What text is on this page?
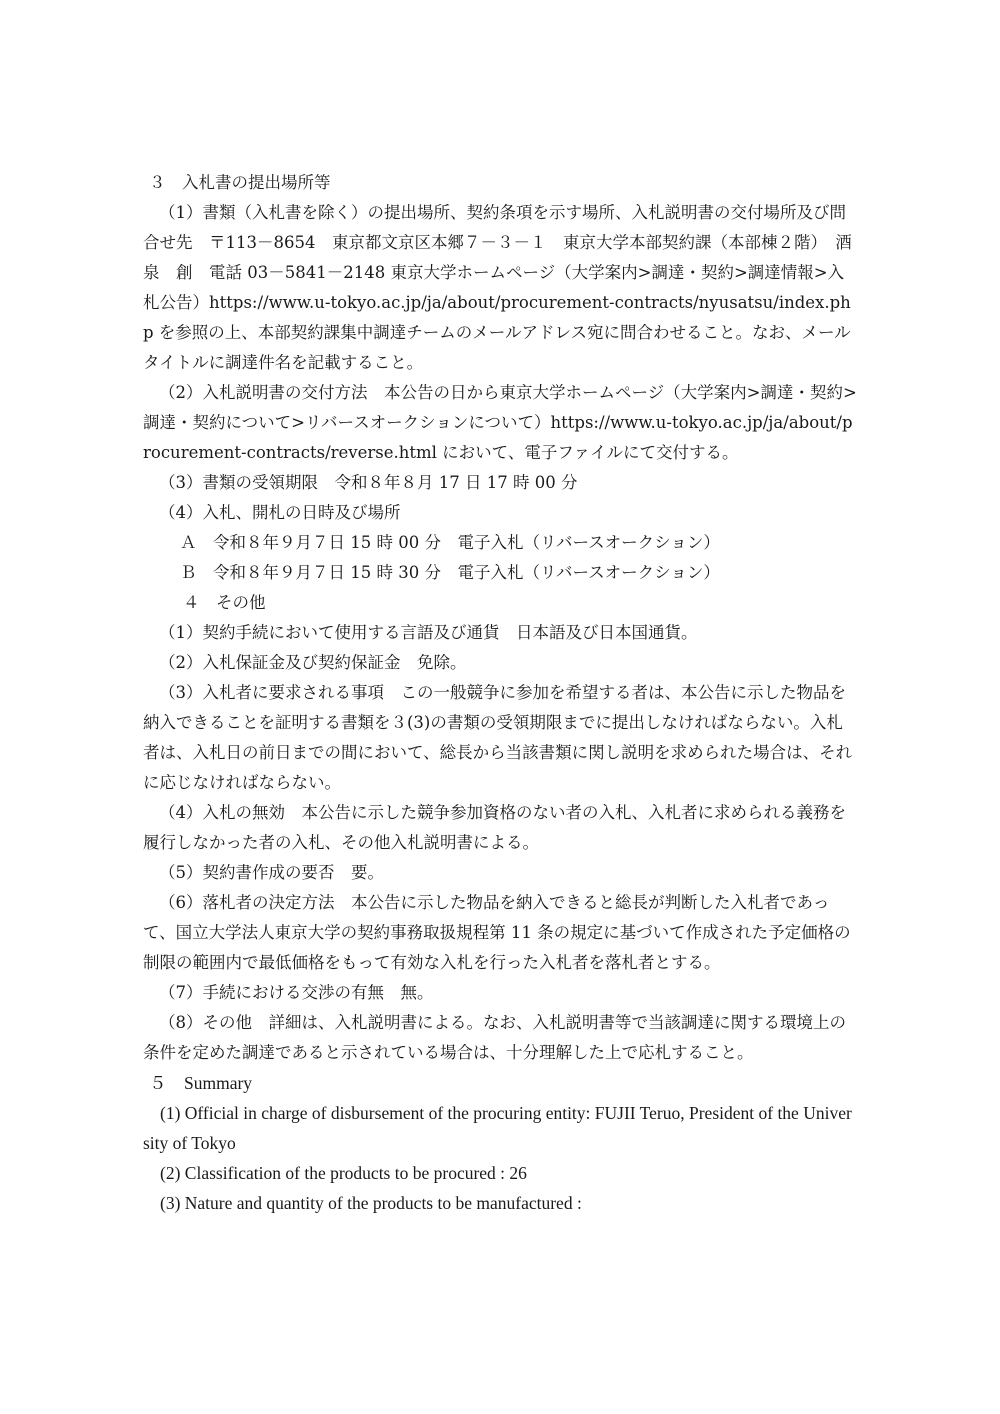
３　入札書の提出場所等

（1）書類（入札書を除く）の提出場所、契約条項を示す場所、入札説明書の交付場所及び問合せ先　〒113－8654　東京都文京区本郷７－３－１　東京大学本部契約課（本部棟２階）　酒泉　創　電話 03－5841－2148 東京大学ホームページ（大学案内>調達・契約>調達情報>入札公告）https://www.u-tokyo.ac.jp/ja/about/procurement-contracts/nyusatsu/index.php を参照の上、本部契約課集中調達チームのメールアドレス宛に問合わせること。なお、メールタイトルに調達件名を記載すること。

（2）入札説明書の交付方法　本公告の日から東京大学ホームページ（大学案内>調達・契約>調達・契約について>リバースオークションについて）https://www.u-tokyo.ac.jp/ja/about/procurement-contracts/reverse.html において、電子ファイルにて交付する。

（3）書類の受領期限　令和８年８月 17 日 17 時 00 分

（4）入札、開札の日時及び場所

Ａ　令和８年９月７日 15 時 00 分　電子入札（リバースオークション）

Ｂ　令和８年９月７日 15 時 30 分　電子入札（リバースオークション）

４　その他

（1）契約手続において使用する言語及び通貨　日本語及び日本国通貨。

（2）入札保証金及び契約保証金　免除。

（3）入札者に要求される事項　この一般競争に参加を希望する者は、本公告に示した物品を納入できることを証明する書類を３(3)の書類の受領期限までに提出しなければならない。入札者は、入札日の前日までの間において、総長から当該書類に関し説明を求められた場合は、それに応じなければならない。

（4）入札の無効　本公告に示した競争参加資格のない者の入札、入札者に求められる義務を履行しなかった者の入札、その他入札説明書による。

（5）契約書作成の要否　要。

（6）落札者の決定方法　本公告に示した物品を納入できると総長が判断した入札者であって、国立大学法人東京大学の契約事務取扱規程第 11 条の規定に基づいて作成された予定価格の制限の範囲内で最低価格をもって有効な入札を行った入札者を落札者とする。

（7）手続における交渉の有無　無。

（8）その他　詳細は、入札説明書による。なお、入札説明書等で当該調達に関する環境上の条件を定めた調達であると示されている場合は、十分理解した上で応札すること。

５　Summary

(1) Official in charge of disbursement of the procuring entity: FUJII Teruo, President of the University of Tokyo

(2) Classification of the products to be procured : 26

(3) Nature and quantity of the products to be manufactured :
